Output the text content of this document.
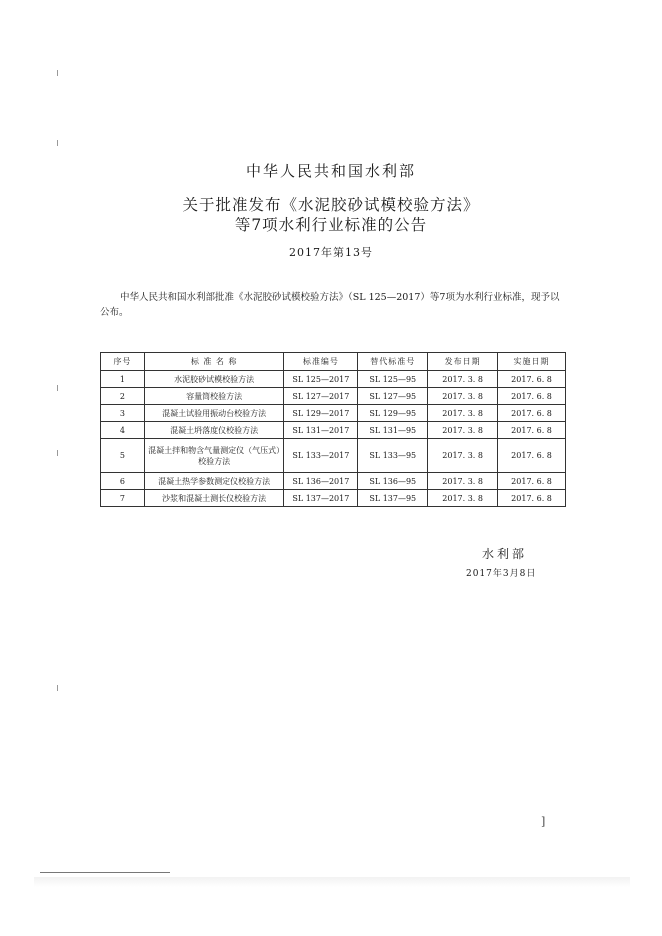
中华人民共和国水利部
关于批准发布《水泥胶砂试模校验方法》
等7项水利行业标准的公告
2017年第13号
中华人民共和国水利部批准《水泥胶砂试模校验方法》（SL 125—2017）等7项为水利行业标准，现予以公布。
序号	标 准 名 称	标准编号	替代标准号	发布日期	实施日期
1	水泥胶砂试模校验方法	SL 125—2017	SL 125—95	2017. 3. 8	2017. 6. 8
2	容量筒校验方法	SL 127—2017	SL 127—95	2017. 3. 8	2017. 6. 8
3	混凝土试验用振动台校验方法	SL 129—2017	SL 129—95	2017. 3. 8	2017. 6. 8
4	混凝土坍落度仪校验方法	SL 131—2017	SL 131—95	2017. 3. 8	2017. 6. 8
5	混凝土拌和物含气量测定仪（气压式）校验方法	SL 133—2017	SL 133—95	2017. 3. 8	2017. 6. 8
6	混凝土热学参数测定仪校验方法	SL 136—2017	SL 136—95	2017. 3. 8	2017. 6. 8
7	沙浆和混凝土测长仪校验方法	SL 137—2017	SL 137—95	2017. 3. 8	2017. 6. 8
水利部
2017年3月8日
]
